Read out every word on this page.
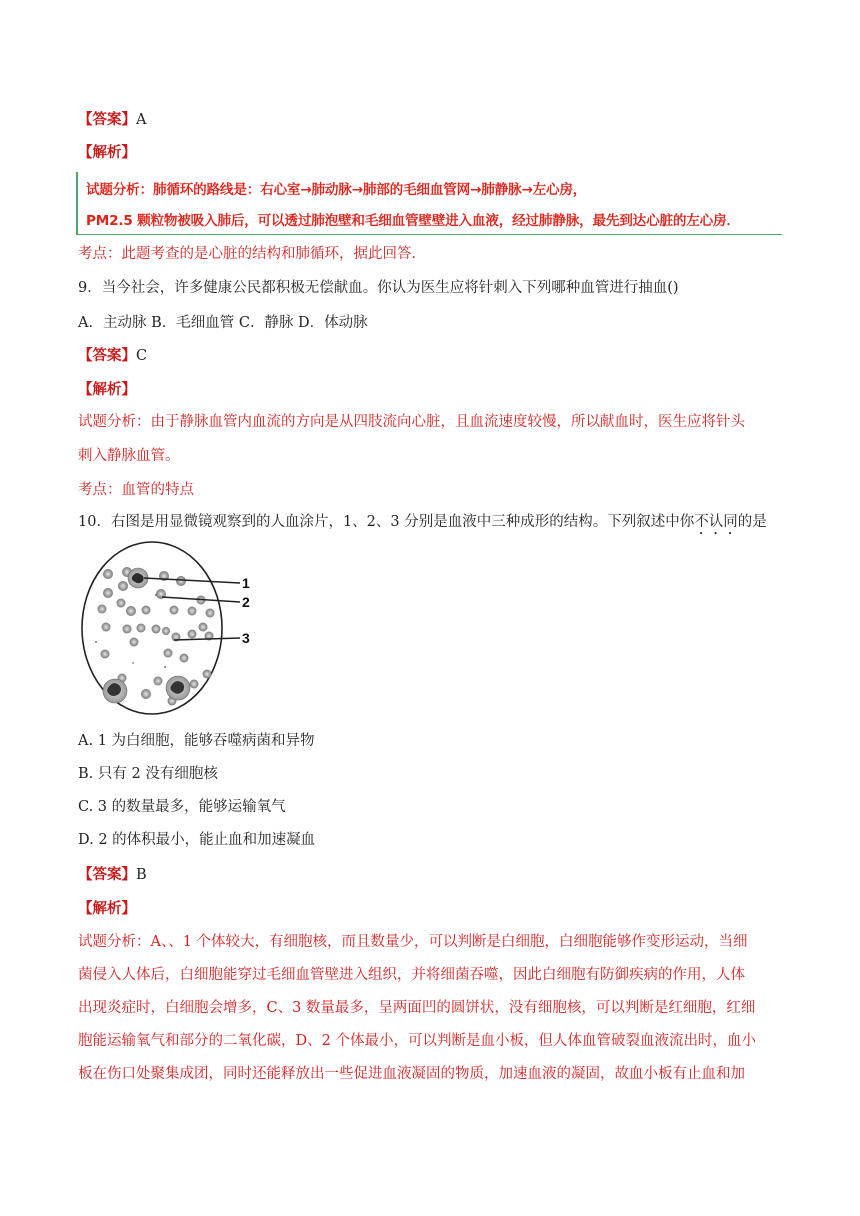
【答案】A
【解析】
试题分析：肺循环的路线是：右心室→肺动脉→肺部的毛细血管网→肺静脉→左心房，
PM2.5 颗粒物被吸入肺后，可以透过肺泡壁和毛细血管壁壁进入血液，经过肺静脉，最先到达心脏的左心房．
考点：此题考查的是心脏的结构和肺循环，据此回答．
9．当今社会，许多健康公民都积极无偿献血。你认为医生应将针刺入下列哪种血管进行抽血()
A．主动脉 B．毛细血管 C．静脉 D．体动脉
【答案】C
【解析】
试题分析：由于静脉血管内血流的方向是从四肢流向心脏，且血流速度较慢，所以献血时，医生应将针头
刺入静脉血管。
考点：血管的特点
10．右图是用显微镜观察到的人血涂片，1、2、3 分别是血液中三种成形的结构。下列叙述中你不认同的是
1
2
3
A. 1 为白细胞，能够吞噬病菌和异物
B. 只有 2 没有细胞核
C. 3 的数量最多，能够运输氧气
D. 2 的体积最小，能止血和加速凝血
【答案】B
【解析】
试题分析：A、、1 个体较大，有细胞核，而且数量少，可以判断是白细胞，白细胞能够作变形运动，当细
菌侵入人体后，白细胞能穿过毛细血管壁进入组织，并将细菌吞噬，因此白细胞有防御疾病的作用，人体
出现炎症时，白细胞会增多，C、3 数量最多，呈两面凹的圆饼状，没有细胞核，可以判断是红细胞，红细
胞能运输氧气和部分的二氧化碳，D、2 个体最小，可以判断是血小板，但人体血管破裂血液流出时，血小
板在伤口处聚集成团，同时还能释放出一些促进血液凝固的物质，加速血液的凝固，故血小板有止血和加
